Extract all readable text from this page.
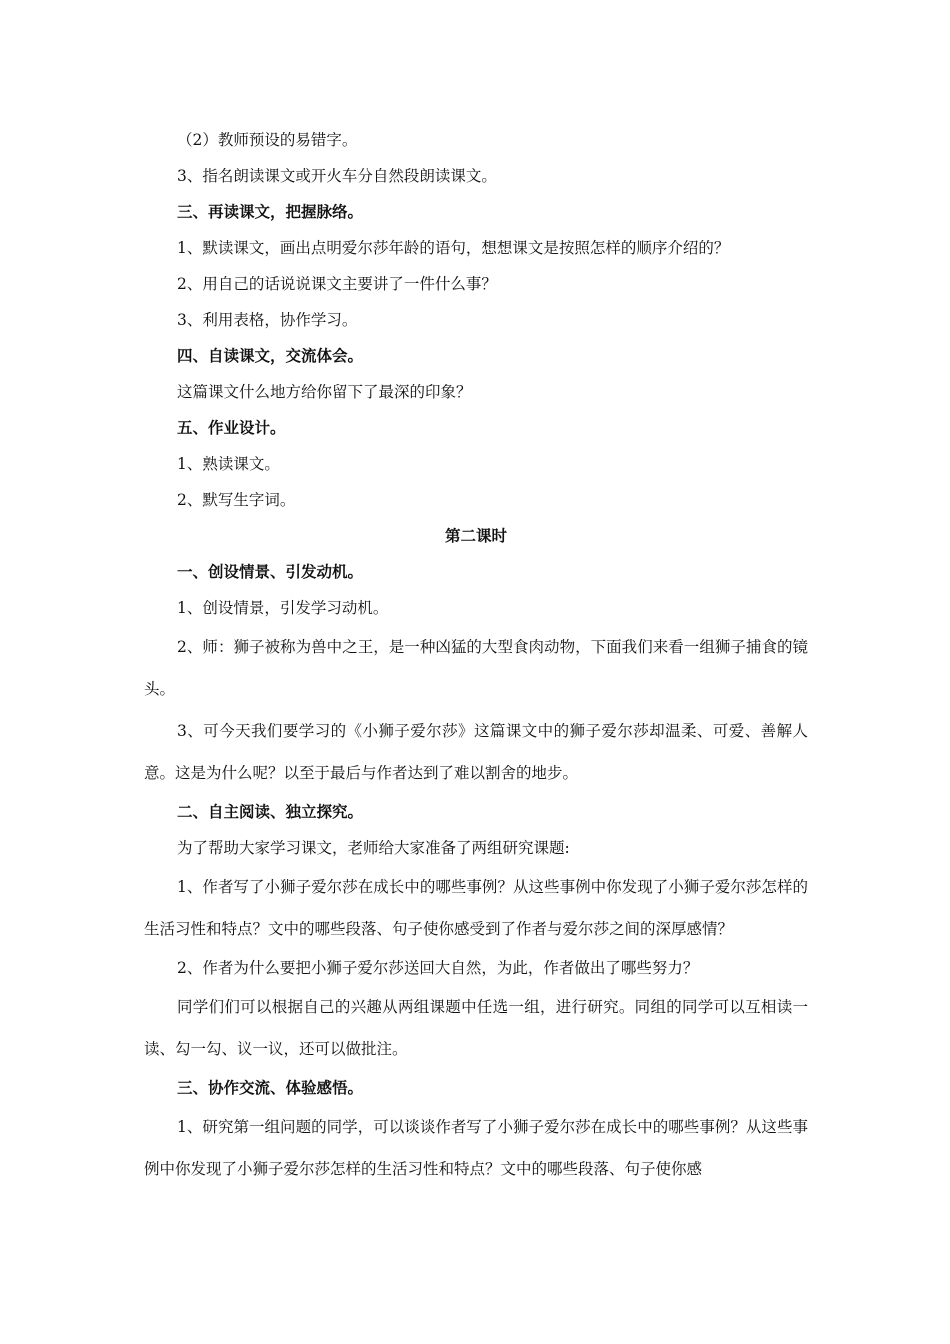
（2）教师预设的易错字。

3、指名朗读课文或开火车分自然段朗读课文。

三、再读课文，把握脉络。

1、默读课文，画出点明爱尔莎年龄的语句，想想课文是按照怎样的顺序介绍的？

2、用自己的话说说课文主要讲了一件什么事？

3、利用表格，协作学习。

四、自读课文，交流体会。

这篇课文什么地方给你留下了最深的印象？

五、作业设计。

1、熟读课文。

2、默写生字词。

第二课时

一、创设情景、引发动机。

1、创设情景，引发学习动机。

2、师：狮子被称为兽中之王，是一种凶猛的大型食肉动物，下面我们来看一组狮子捕食的镜头。

3、可今天我们要学习的《小狮子爱尔莎》这篇课文中的狮子爱尔莎却温柔、可爱、善解人意。这是为什么呢？以至于最后与作者达到了难以割舍的地步。

二、自主阅读、独立探究。

为了帮助大家学习课文，老师给大家准备了两组研究课题:

1、作者写了小狮子爱尔莎在成长中的哪些事例？从这些事例中你发现了小狮子爱尔莎怎样的生活习性和特点？文中的哪些段落、句子使你感受到了作者与爱尔莎之间的深厚感情？

2、作者为什么要把小狮子爱尔莎送回大自然，为此，作者做出了哪些努力？

同学们们可以根据自己的兴趣从两组课题中任选一组，进行研究。同组的同学可以互相读一读、勾一勾、议一议，还可以做批注。

三、协作交流、体验感悟。

1、研究第一组问题的同学，可以谈谈作者写了小狮子爱尔莎在成长中的哪些事例？从这些事例中你发现了小狮子爱尔莎怎样的生活习性和特点？文中的哪些段落、句子使你感
